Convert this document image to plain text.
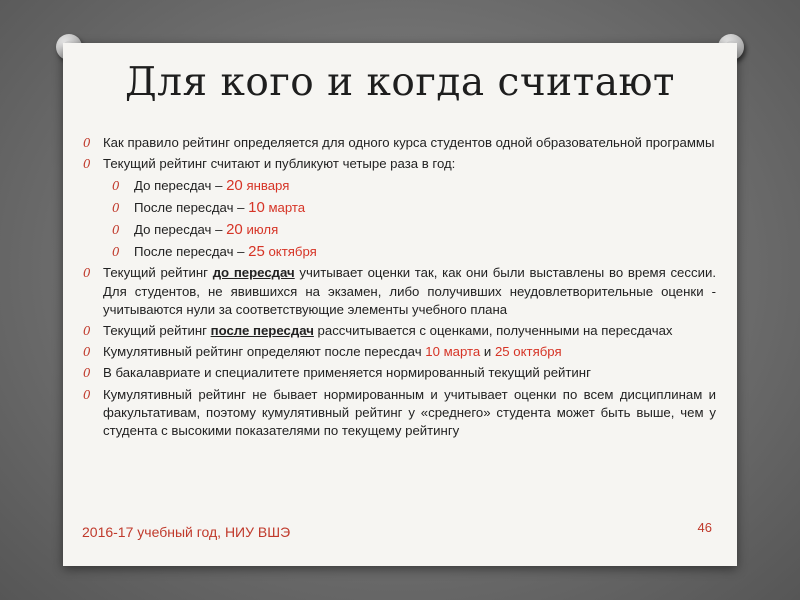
Для кого и когда считают
0 Как правило рейтинг определяется для одного курса студентов одной образовательной программы
0 Текущий рейтинг считают и публикуют четыре раза в год:
0 До пересдач – 20 января
0 После пересдач – 10 марта
0 До пересдач – 20 июля
0 После пересдач – 25 октября
0 Текущий рейтинг до пересдач учитывает оценки так, как они были выставлены во время сессии. Для студентов, не явившихся на экзамен, либо получивших неудовлетворительные оценки - учитываются нули за соответствующие элементы учебного плана
0 Текущий рейтинг после пересдач рассчитывается с оценками, полученными на пересдачах
0 Кумулятивный рейтинг определяют после пересдач 10 марта и 25 октября
0 В бакалавриате и специалитете применяется нормированный текущий рейтинг
0 Кумулятивный рейтинг не бывает нормированным и учитывает оценки по всем дисциплинам и факультативам, поэтому кумулятивный рейтинг у «среднего» студента может быть выше, чем у студента с высокими показателями по текущему рейтингу
2016-17 учебный год, НИУ ВШЭ	46
